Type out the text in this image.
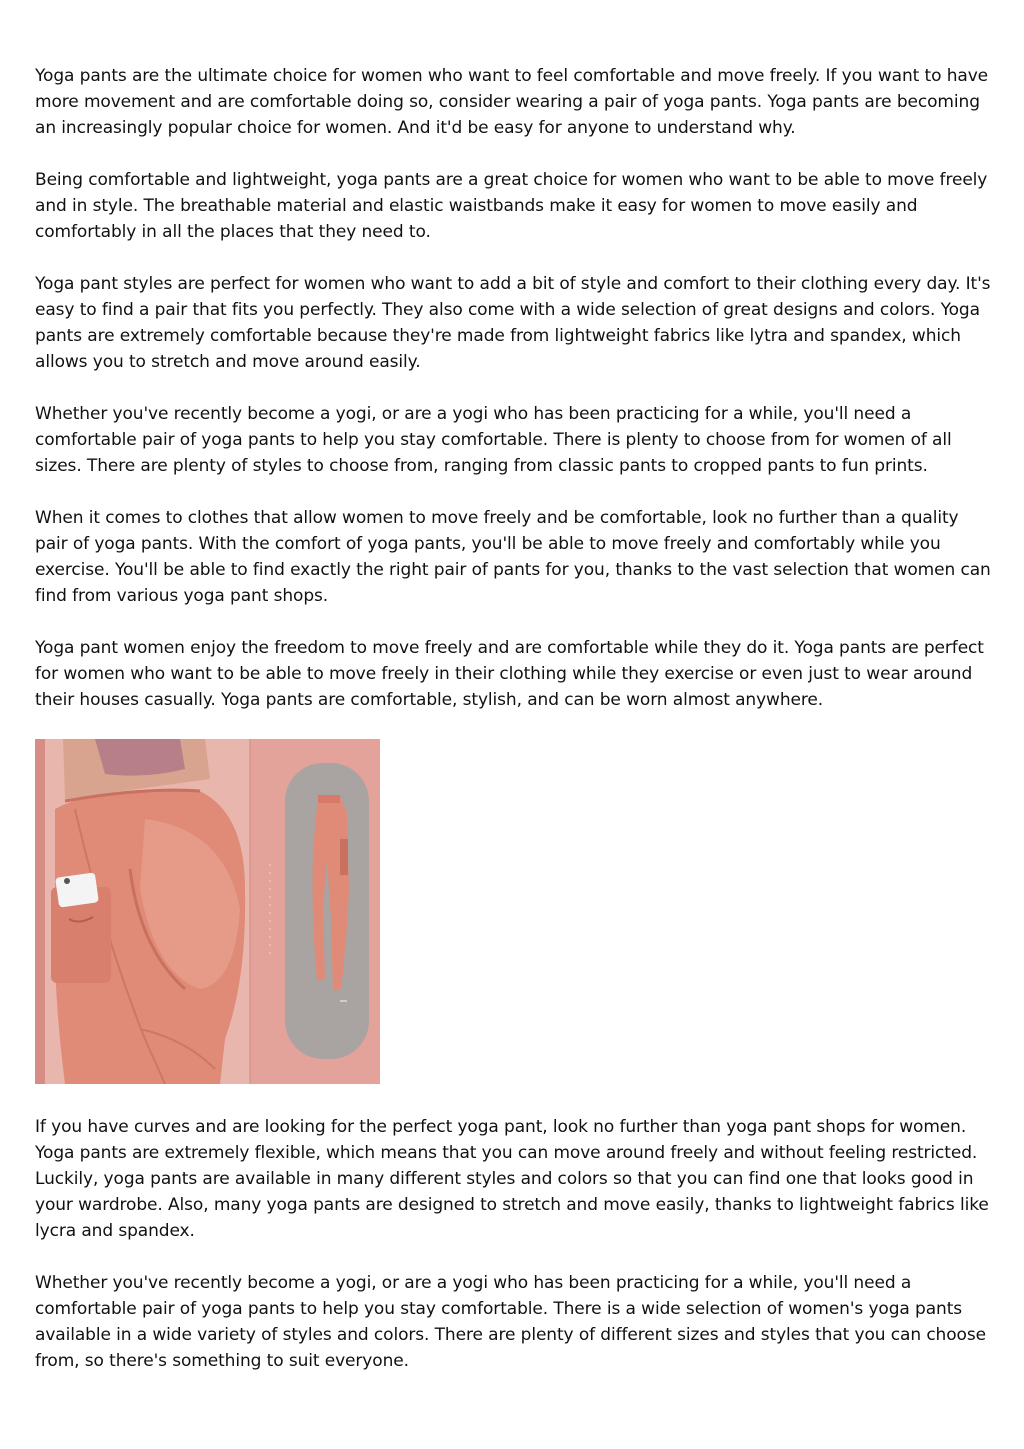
Yoga pants are the ultimate choice for women who want to feel comfortable and move freely. If you want to have more movement and are comfortable doing so, consider wearing a pair of yoga pants. Yoga pants are becoming an increasingly popular choice for women. And it'd be easy for anyone to understand why.

Being comfortable and lightweight, yoga pants are a great choice for women who want to be able to move freely and in style. The breathable material and elastic waistbands make it easy for women to move easily and comfortably in all the places that they need to.

Yoga pant styles are perfect for women who want to add a bit of style and comfort to their clothing every day. It's easy to find a pair that fits you perfectly. They also come with a wide selection of great designs and colors. Yoga pants are extremely comfortable because they're made from lightweight fabrics like lytra and spandex, which allows you to stretch and move around easily.

Whether you've recently become a yogi, or are a yogi who has been practicing for a while, you'll need a comfortable pair of yoga pants to help you stay comfortable. There is plenty to choose from for women of all sizes. There are plenty of styles to choose from, ranging from classic pants to cropped pants to fun prints.

When it comes to clothes that allow women to move freely and be comfortable, look no further than a quality pair of yoga pants. With the comfort of yoga pants, you'll be able to move freely and comfortably while you exercise. You'll be able to find exactly the right pair of pants for you, thanks to the vast selection that women can find from various yoga pant shops.

Yoga pant women enjoy the freedom to move freely and are comfortable while they do it. Yoga pants are perfect for women who want to be able to move freely in their clothing while they exercise or even just to wear around their houses casually. Yoga pants are comfortable, stylish, and can be worn almost anywhere.

If you have curves and are looking for the perfect yoga pant, look no further than yoga pant shops for women. Yoga pants are extremely flexible, which means that you can move around freely and without feeling restricted. Luckily, yoga pants are available in many different styles and colors so that you can find one that looks good in your wardrobe. Also, many yoga pants are designed to stretch and move easily, thanks to lightweight fabrics like lycra and spandex.

Whether you've recently become a yogi, or are a yogi who has been practicing for a while, you'll need a comfortable pair of yoga pants to help you stay comfortable. There is a wide selection of women's yoga pants available in a wide variety of styles and colors. There are plenty of different sizes and styles that you can choose from, so there's something to suit everyone.
